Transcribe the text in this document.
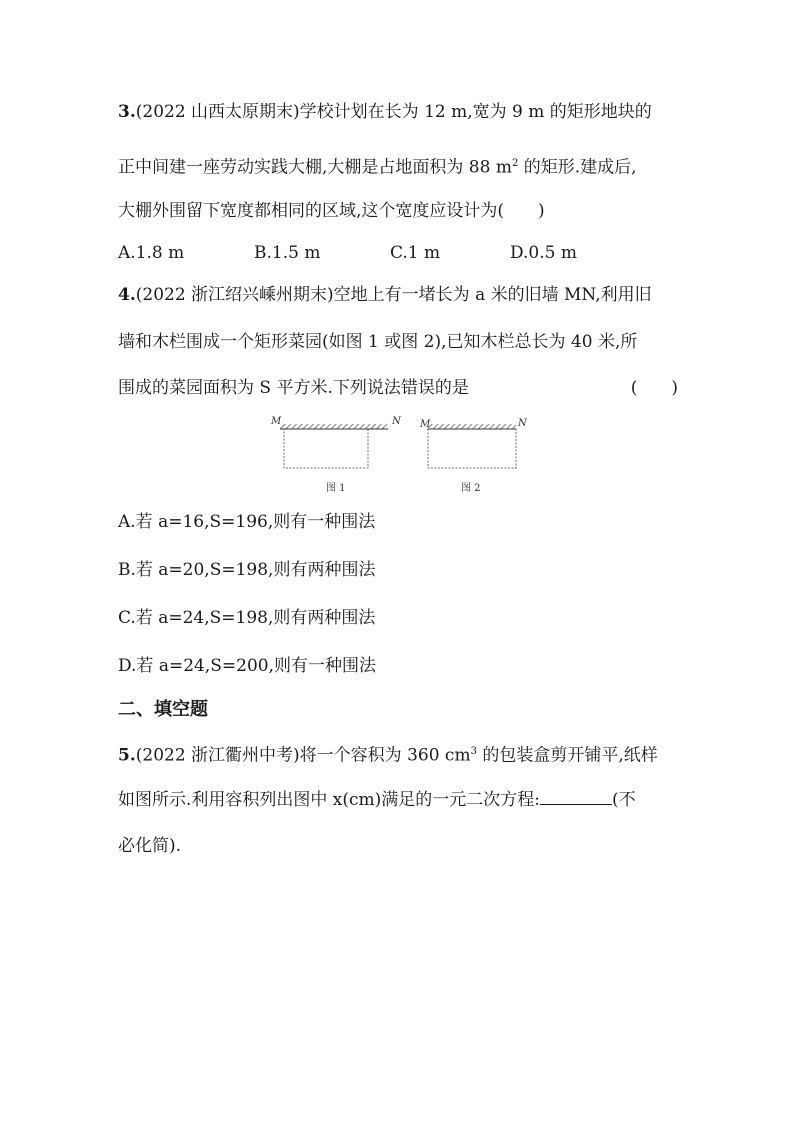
3.(2022 山西太原期末)学校计划在长为 12 m,宽为 9 m 的矩形地块的
正中间建一座劳动实践大棚,大棚是占地面积为 88 $m^2$ 的矩形.建成后,
大棚外围留下宽度都相同的区域,这个宽度应设计为(　　)
A.1.8 m	B.1.5 m	C.1 m	D.0.5 m
4.(2022 浙江绍兴嵊州期末)空地上有一堵长为 a 米的旧墙 MN,利用旧
墙和木栏围成一个矩形菜园(如图 1 或图 2),已知木栏总长为 40 米,所
围成的菜园面积为 S 平方米.下列说法错误的是	(　　)
M	N M	N
图 1	图 2
A.若 a=16,S=196,则有一种围法
B.若 a=20,S=198,则有两种围法
C.若 a=24,S=198,则有两种围法
D.若 a=24,S=200,则有一种围法
二、填空题
5.(2022 浙江衢州中考)将一个容积为 360 $cm^3$ 的包装盒剪开铺平,纸样
如图所示.利用容积列出图中 x(cm)满足的一元二次方程:	(不
必化简).
